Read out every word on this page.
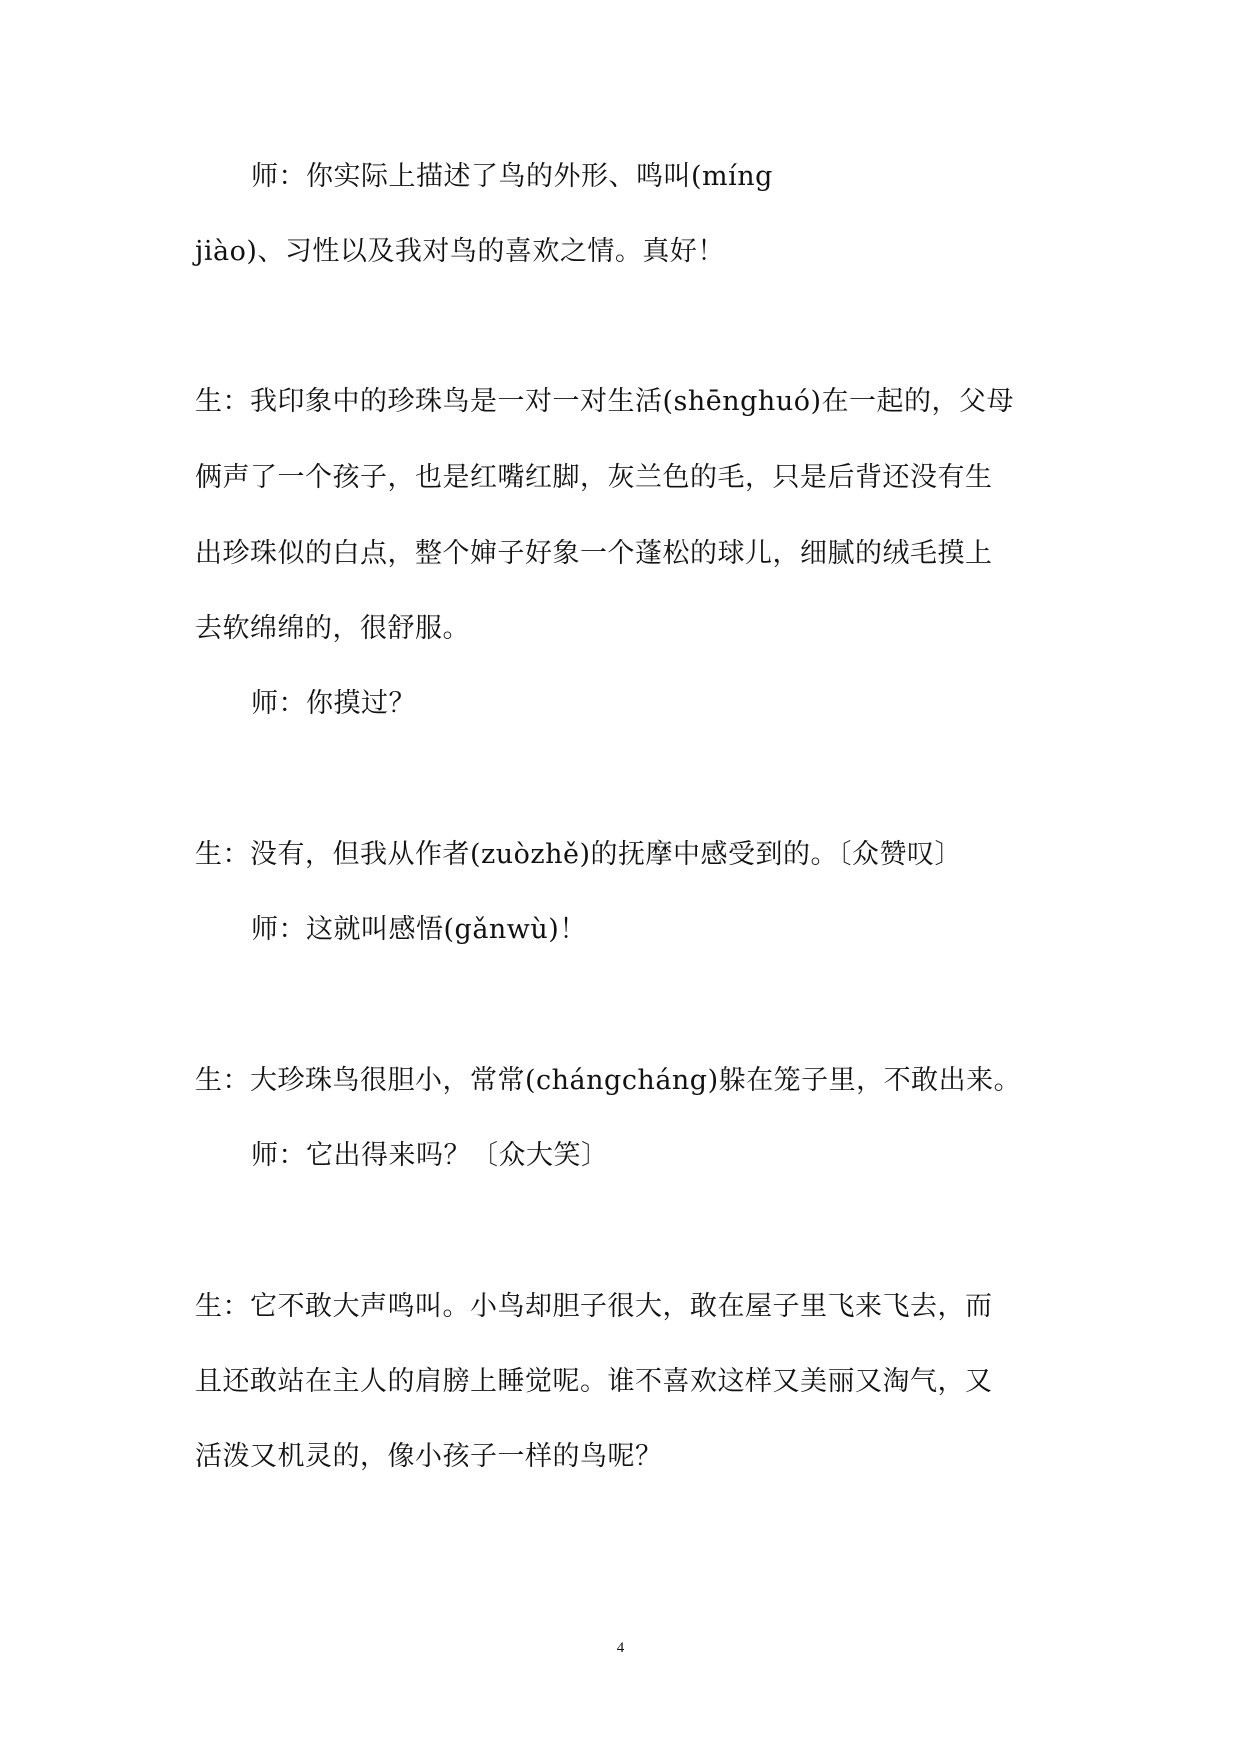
师：你实际上描述了鸟的外形、鸣叫(míng
jiào)、习性以及我对鸟的喜欢之情。真好！
生：我印象中的珍珠鸟是一对一对生活(shēnghuó)在一起的，父母
俩声了一个孩子，也是红嘴红脚，灰兰色的毛，只是后背还没有生
出珍珠似的白点，整个婶子好象一个蓬松的球儿，细腻的绒毛摸上
去软绵绵的，很舒服。
师：你摸过？
生：没有，但我从作者(zuòzhě)的抚摩中感受到的。〔众赞叹〕
师：这就叫感悟(gǎnwù)！
生：大珍珠鸟很胆小，常常(chángcháng)躲在笼子里，不敢出来。
师：它出得来吗？〔众大笑〕
生：它不敢大声鸣叫。小鸟却胆子很大，敢在屋子里飞来飞去，而
且还敢站在主人的肩膀上睡觉呢。谁不喜欢这样又美丽又淘气，又
活泼又机灵的，像小孩子一样的鸟呢？
4
